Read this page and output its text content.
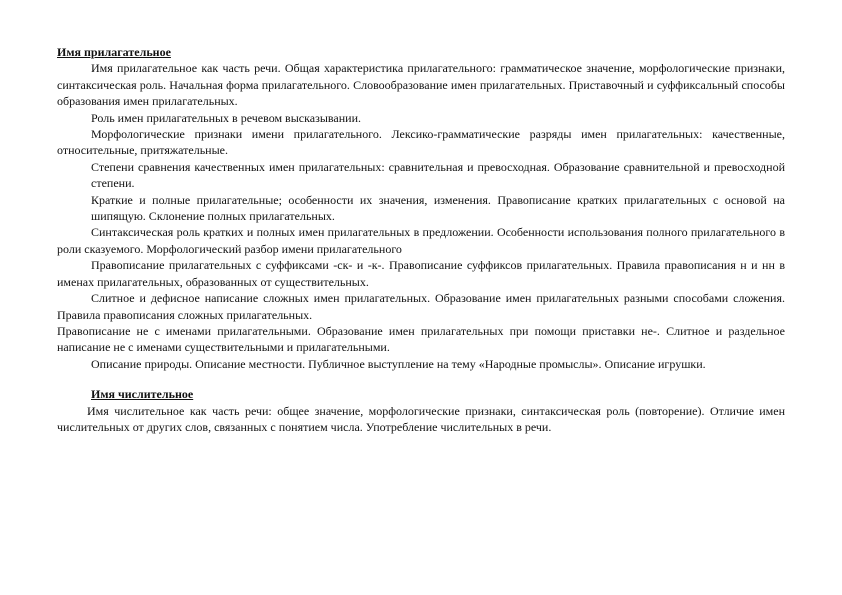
Имя прилагательное

Имя прилагательное как часть речи. Общая характеристика прилагательного: грамматическое значение, морфологические признаки, синтаксическая роль. Начальная форма прилагательного. Словообразование имен прилагательных. Приставочный и суффиксальный способы образования имен прилагательных.

Роль имен прилагательных в речевом высказывании.

Морфологические признаки имени прилагательного. Лексико-грамматические разряды имен прилагательных: качественные, относительные, притяжательные.

Степени сравнения качественных имен прилагательных: сравнительная и превосходная. Образование сравнительной и превосходной степени.

Краткие и полные прилагательные; особенности их значения, изменения. Правописание кратких прилагательных с основой на шипящую. Склонение полных прилагательных.

Синтаксическая роль кратких и полных имен прилагательных в предложении. Особенности использования полного прилагательного в роли сказуемого. Морфологический разбор имени прилагательного

Правописание прилагательных с суффиксами -ск- и -к-. Правописание суффиксов прилагательных. Правила правописания н и нн в именах прилагательных, образованных от существительных.

Слитное и дефисное написание сложных имен прилагательных. Образование имен прилагательных разными способами сложения. Правила правописания сложных прилагательных.

Правописание не с именами прилагательными. Образование имен прилагательных при помощи приставки не-. Слитное и раздельное написание не с именами существительными и прилагательными.

Описание природы. Описание местности. Публичное выступление на тему «Народные промыслы». Описание игрушки.

Имя числительное

Имя числительное как часть речи: общее значение, морфологические признаки, синтаксическая роль (повторение). Отличие имен числительных от других слов, связанных с понятием числа. Употребление числительных в речи.
